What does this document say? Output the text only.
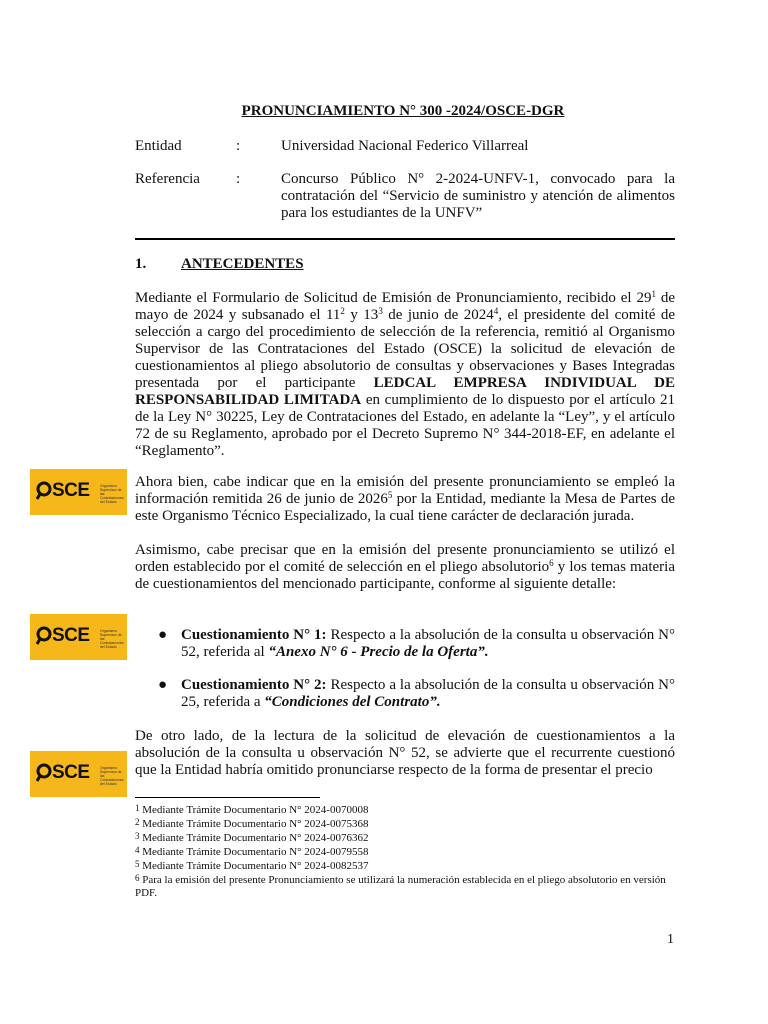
PRONUNCIAMIENTO N° 300 -2024/OSCE-DGR
Entidad	:	Universidad Nacional Federico Villarreal
Referencia :	Concurso Público N° 2-2024-UNFV-1, convocado para la contratación del “Servicio de suministro y atención de alimentos para los estudiantes de la UNFV”
1. ANTECEDENTES
Mediante el Formulario de Solicitud de Emisión de Pronunciamiento, recibido el $29^1$ de mayo de 2024 y subsanado el $11^2$ y $13^3$ de junio de 2024$^4$, el presidente del comité de selección a cargo del procedimiento de selección de la referencia, remitió al Organismo Supervisor de las Contrataciones del Estado (OSCE) la solicitud de elevación de cuestionamientos al pliego absolutorio de consultas y observaciones y Bases Integradas presentada por el participante LEDCAL EMPRESA INDIVIDUAL DE RESPONSABILIDAD LIMITADA en cumplimiento de lo dispuesto por el artículo 21 de la Ley N° 30225, Ley de Contrataciones del Estado, en adelante la “Ley”, y el artículo 72 de su Reglamento, aprobado por el Decreto Supremo N° 344-2018-EF, en adelante el “Reglamento”.
Ahora bien, cabe indicar que en la emisión del presente pronunciamiento se empleó la información remitida 26 de junio de 2026$^5$ por la Entidad, mediante la Mesa de Partes de este Organismo Técnico Especializado, la cual tiene carácter de declaración jurada.
Asimismo, cabe precisar que en la emisión del presente pronunciamiento se utilizó el orden establecido por el comité de selección en el pliego absolutorio$^6$ y los temas materia de cuestionamientos del mencionado participante, conforme al siguiente detalle:
● Cuestionamiento N° 1: Respecto a la absolución de la consulta u observación N° 52, referida al “Anexo N° 6 - Precio de la Oferta”.
● Cuestionamiento N° 2: Respecto a la absolución de la consulta u observación N° 25, referida a “Condiciones del Contrato”.
De otro lado, de la lectura de la solicitud de elevación de cuestionamientos a la absolución de la consulta u observación N° 52, se advierte que el recurrente cuestionó que la Entidad habría omitido pronunciarse respecto de la forma de presentar el precio
SCE	Organismo Supervisor de las Contrataciones del Estado
SCE	Organismo Supervisor de las Contrataciones del Estado
SCE	Organismo Supervisor de las Contrataciones del Estado
$^1$ Mediante Trámite Documentario N° 2024-0070008
$^2$ Mediante Trámite Documentario N° 2024-0075368
$^3$ Mediante Trámite Documentario N° 2024-0076362
$^4$ Mediante Trámite Documentario N° 2024-0079558
$^5$ Mediante Trámite Documentario N° 2024-0082537
$^6$ Para la emisión del presente Pronunciamiento se utilizará la numeración establecida en el pliego absolutorio en versión PDF.
1
